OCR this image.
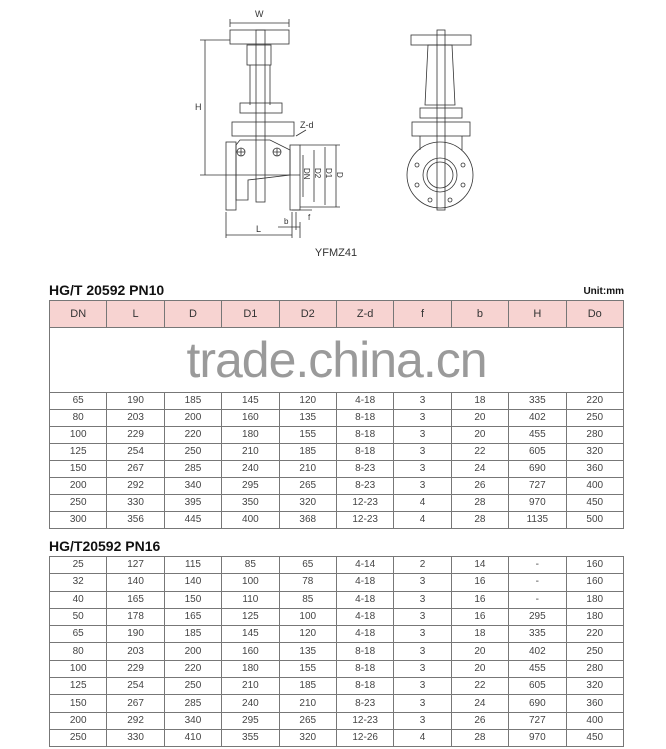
W
H
Z-d
DN D2 D1 D
f
b
L
YFMZ41
HG/T 20592 PN10	Unit:mm
DN	L	D	D1	D2	Z-d	f	b	H	Do

trade.china.cn									

65	190	185	145	120	4-18	3	18	335	220
80	203	200	160	135	8-18	3	20	402	250
100	229	220	180	155	8-18	3	20	455	280
125	254	250	210	185	8-18	3	22	605	320
150	267	285	240	210	8-23	3	24	690	360
200	292	340	295	265	8-23	3	26	727	400
250	330	395	350	320	12-23	4	28	970	450
300	356	445	400	368	12-23	4	28	1135	500
HG/T20592 PN16
25	127	115	85	65	4-14	2	14	-	160
32	140	140	100	78	4-18	3	16	-	160
40	165	150	110	85	4-18	3	16	-	180
50	178	165	125	100	4-18	3	16	295	180
65	190	185	145	120	4-18	3	18	335	220
80	203	200	160	135	8-18	3	20	402	250
100	229	220	180	155	8-18	3	20	455	280
125	254	250	210	185	8-18	3	22	605	320
150	267	285	240	210	8-23	3	24	690	360
200	292	340	295	265	12-23	3	26	727	400
250	330	410	355	320	12-26	4	28	970	450
